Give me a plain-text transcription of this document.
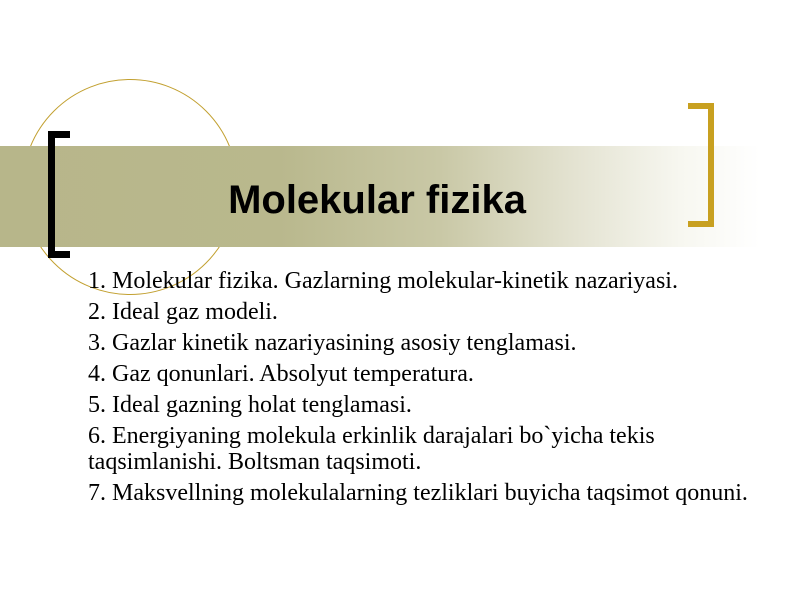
Molekular fizika
1. Molekular fizika. Gazlarning molekular-kinetik nazariyasi.
2. Ideal gaz modeli.
3. Gazlar kinetik nazariyasining asosiy tenglamasi.
4. Gaz qonunlari. Absolyut temperatura.
5. Ideal gazning holat tenglamasi.
6. Energiyaning molekula erkinlik darajalari bo`yicha tekis taqsimlanishi. Boltsman taqsimoti.
7. Maksvellning molekulalarning tezliklari buyicha taqsimot qonuni.
